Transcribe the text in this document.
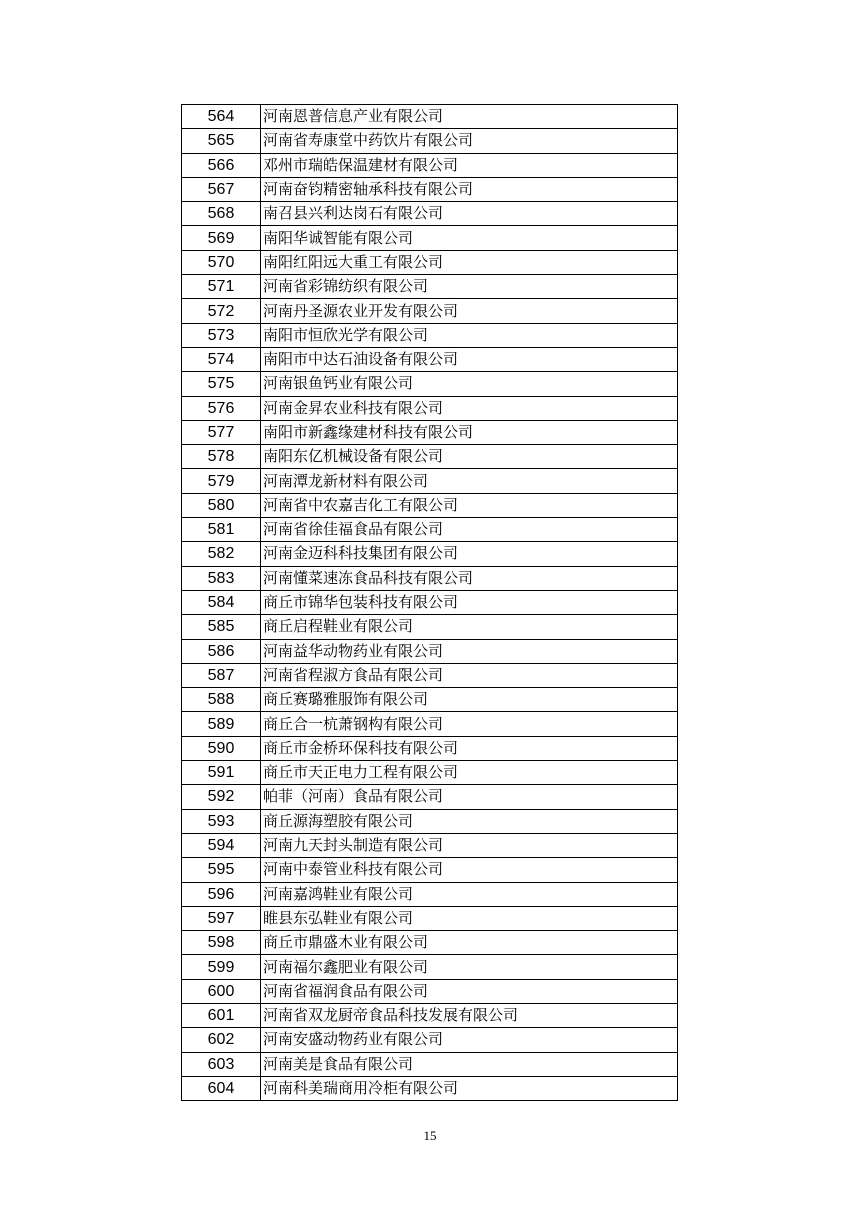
564	河南恩普信息产业有限公司
565	河南省寿康堂中药饮片有限公司
566	邓州市瑞皓保温建材有限公司
567	河南奋钧精密轴承科技有限公司
568	南召县兴利达岗石有限公司
569	南阳华诚智能有限公司
570	南阳红阳远大重工有限公司
571	河南省彩锦纺织有限公司
572	河南丹圣源农业开发有限公司
573	南阳市恒欣光学有限公司
574	南阳市中达石油设备有限公司
575	河南银鱼钙业有限公司
576	河南金昇农业科技有限公司
577	南阳市新鑫缘建材科技有限公司
578	南阳东亿机械设备有限公司
579	河南潭龙新材料有限公司
580	河南省中农嘉吉化工有限公司
581	河南省徐佳福食品有限公司
582	河南金迈科科技集团有限公司
583	河南懂菜速冻食品科技有限公司
584	商丘市锦华包装科技有限公司
585	商丘启程鞋业有限公司
586	河南益华动物药业有限公司
587	河南省程淑方食品有限公司
588	商丘赛璐雅服饰有限公司
589	商丘合一杭萧钢构有限公司
590	商丘市金桥环保科技有限公司
591	商丘市天正电力工程有限公司
592	帕菲（河南）食品有限公司
593	商丘源海塑胶有限公司
594	河南九天封头制造有限公司
595	河南中泰管业科技有限公司
596	河南嘉鸿鞋业有限公司
597	睢县东弘鞋业有限公司
598	商丘市鼎盛木业有限公司
599	河南福尔鑫肥业有限公司
600	河南省福润食品有限公司
601	河南省双龙厨帝食品科技发展有限公司
602	河南安盛动物药业有限公司
603	河南美是食品有限公司
604	河南科美瑞商用冷柜有限公司
15
